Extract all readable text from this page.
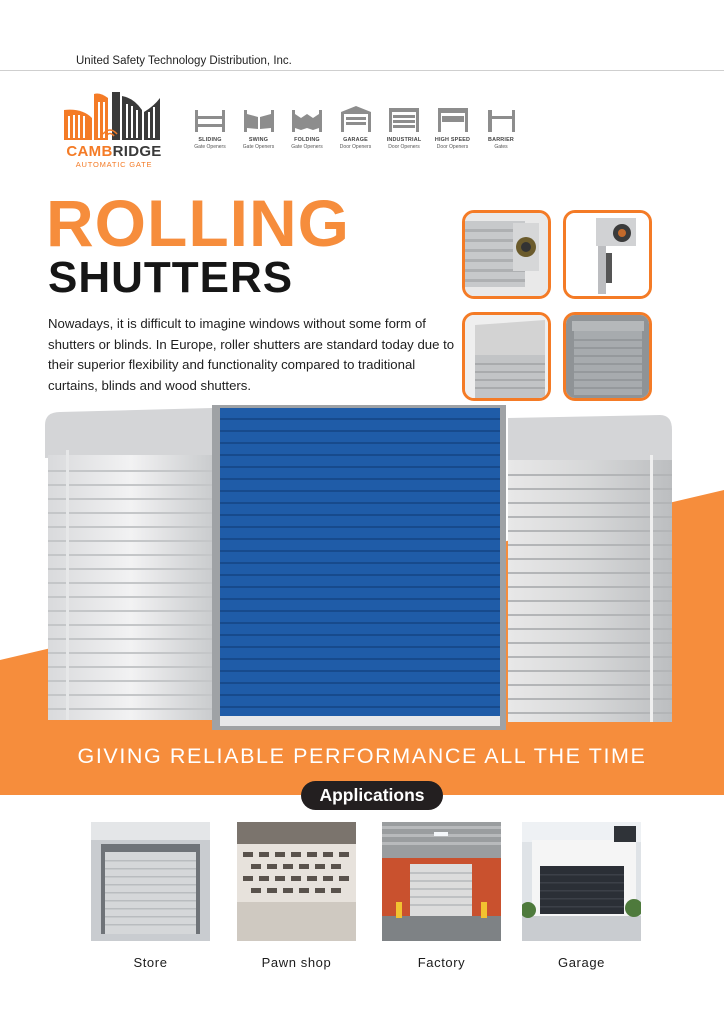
United Safety Technology Distribution, Inc.
CAMBRIDGE
AUTOMATIC GATE
SLIDING
Gate Openers
SWING
Gate Openers
FOLDING
Gate Openers
GARAGE
Door Openers
INDUSTRIAL
Door Openers
HIGH SPEED
Door Openers
BARRIER
Gates
ROLLING
SHUTTERS
Nowadays, it is difficult to imagine windows without some form of shutters or blinds. In Europe, roller shutters are standard today due to their superior flexibility and functionality compared to traditional curtains, blinds and wood shutters.
GIVING RELIABLE PERFORMANCE ALL THE TIME
Applications
Store	Pawn shop	Factory	Garage
